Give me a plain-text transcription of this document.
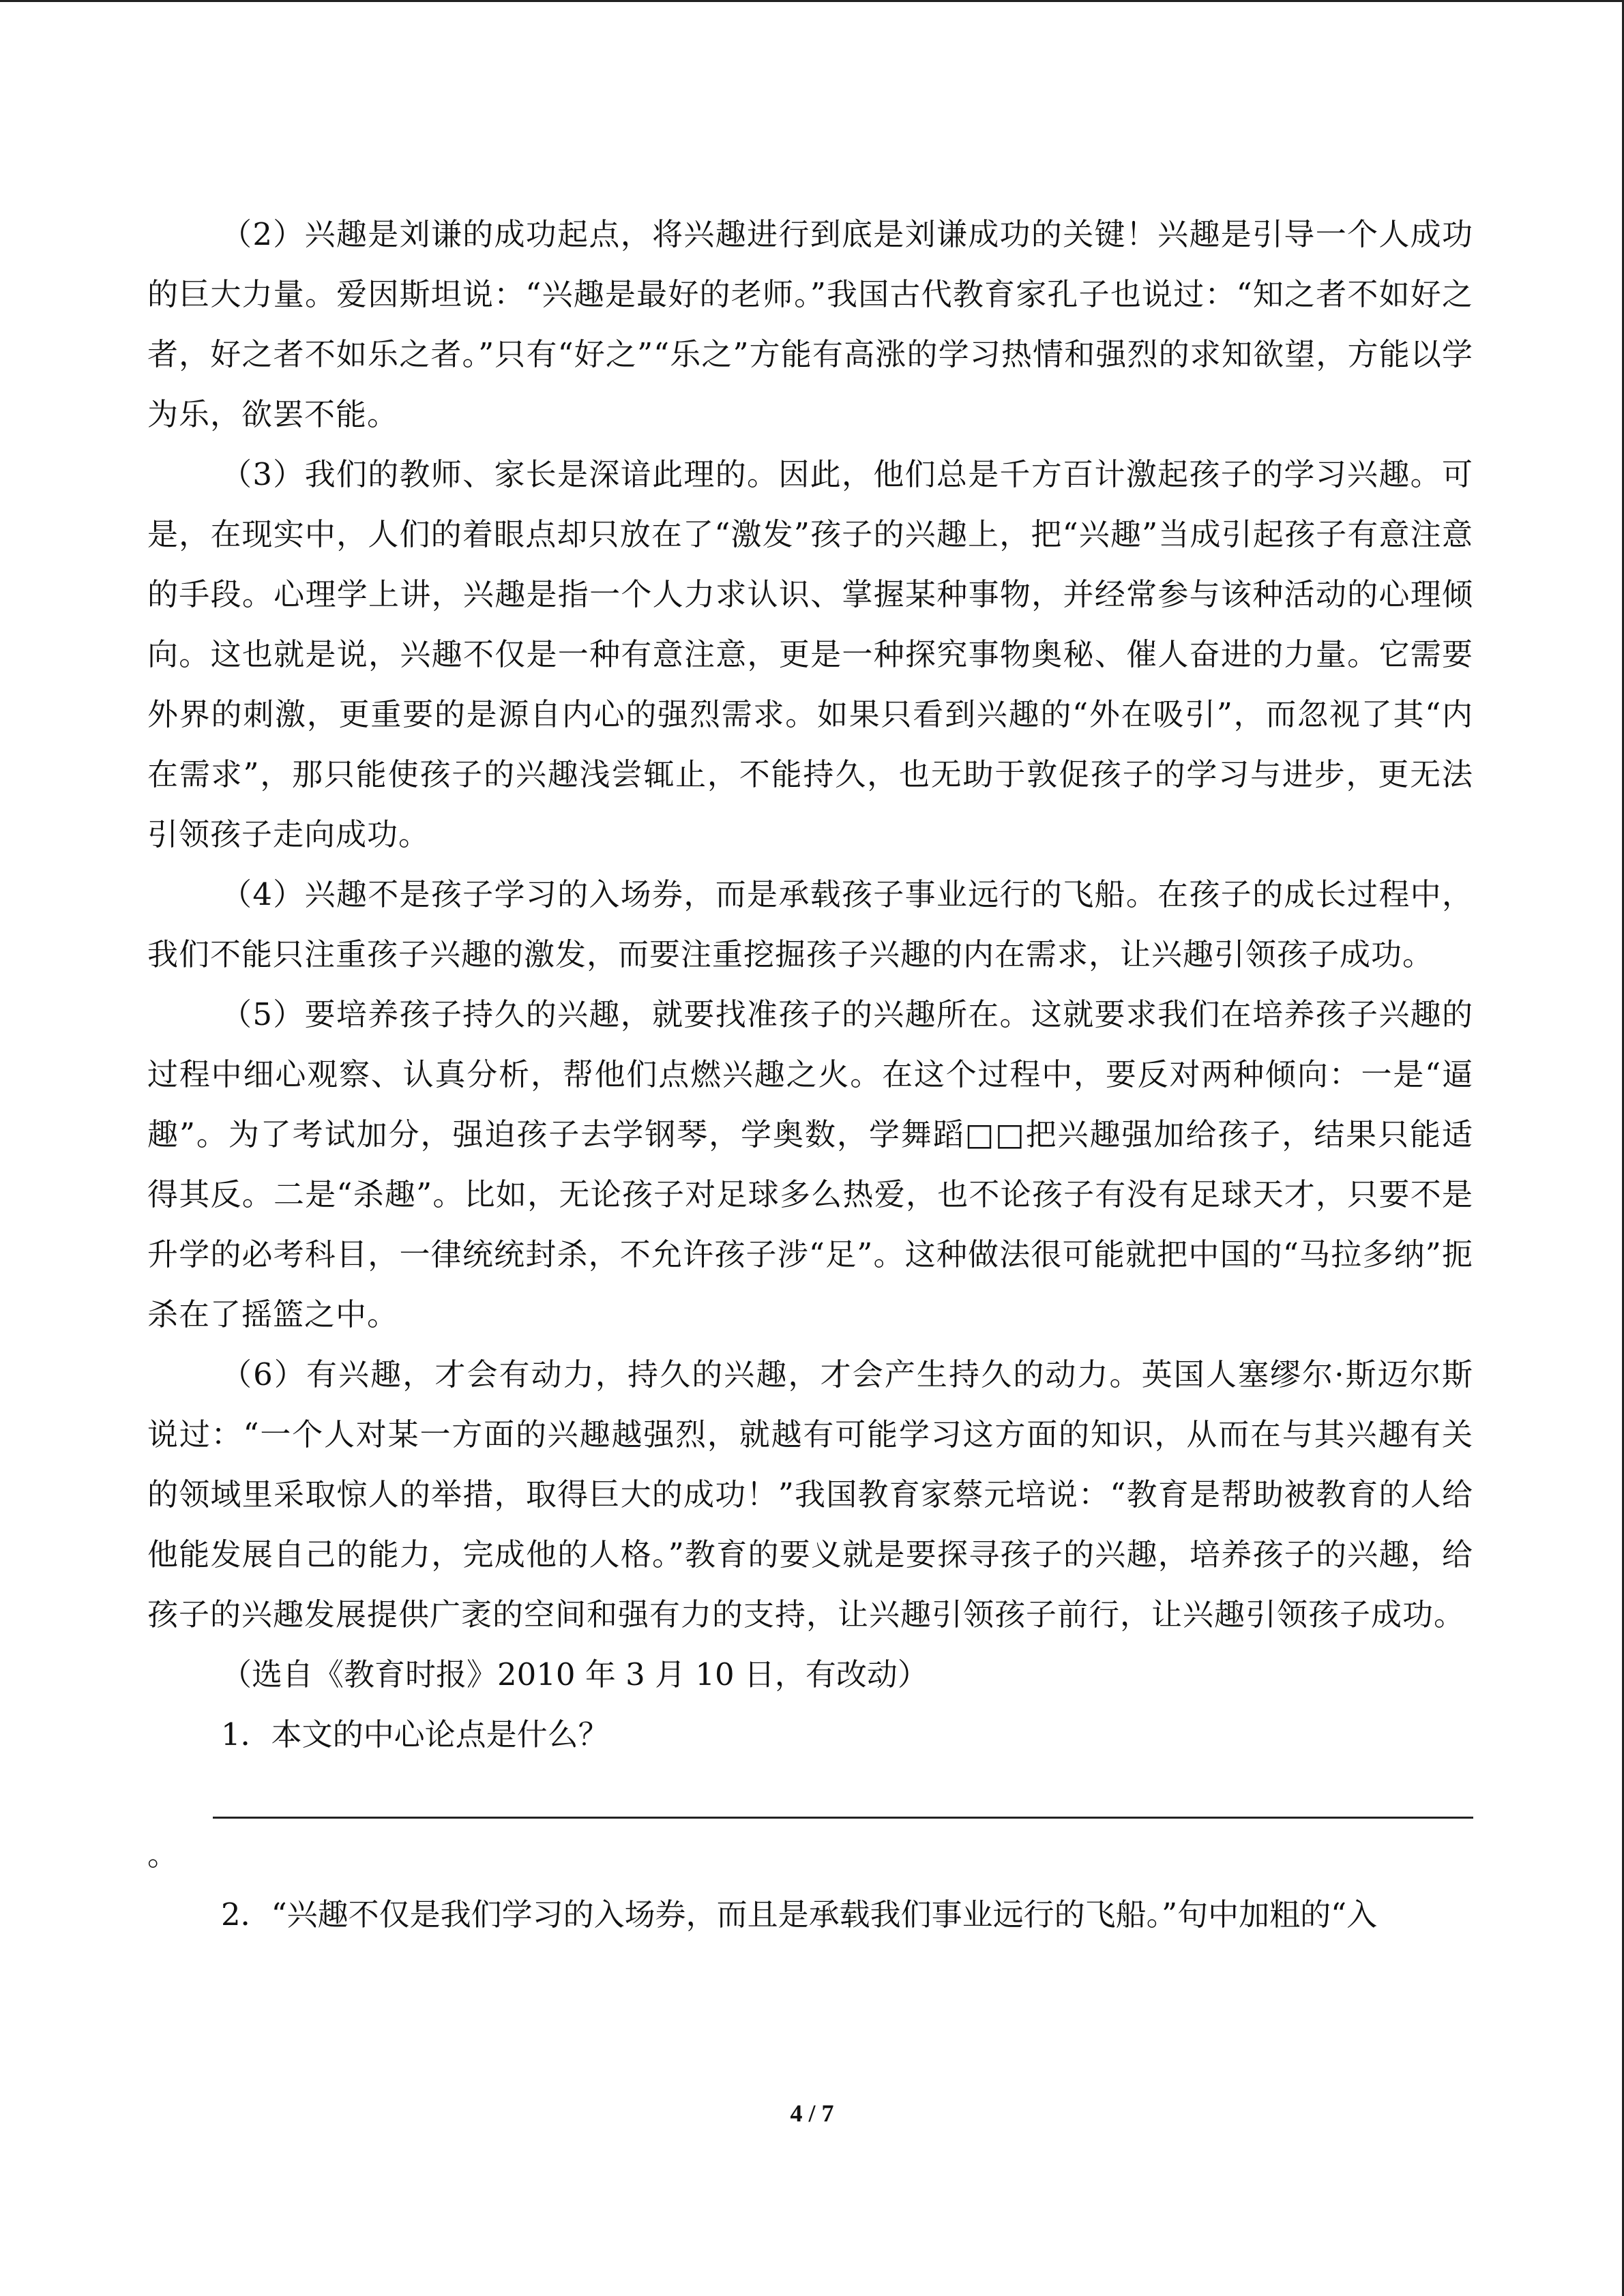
（2）兴趣是刘谦的成功起点，将兴趣进行到底是刘谦成功的关键！兴趣是引导一个人成功的巨大力量。爱因斯坦说：“兴趣是最好的老师。”我国古代教育家孔子也说过：“知之者不如好之者，好之者不如乐之者。”只有“好之”“乐之”方能有高涨的学习热情和强烈的求知欲望，方能以学为乐，欲罢不能。

（3）我们的教师、家长是深谙此理的。因此，他们总是千方百计激起孩子的学习兴趣。可是，在现实中，人们的着眼点却只放在了“激发”孩子的兴趣上，把“兴趣”当成引起孩子有意注意的手段。心理学上讲，兴趣是指一个人力求认识、掌握某种事物，并经常参与该种活动的心理倾向。这也就是说，兴趣不仅是一种有意注意，更是一种探究事物奥秘、催人奋进的力量。它需要外界的刺激，更重要的是源自内心的强烈需求。如果只看到兴趣的“外在吸引”，而忽视了其“内在需求”，那只能使孩子的兴趣浅尝辄止，不能持久，也无助于敦促孩子的学习与进步，更无法引领孩子走向成功。

（4）兴趣不是孩子学习的入场券，而是承载孩子事业远行的飞船。在孩子的成长过程中，我们不能只注重孩子兴趣的激发，而要注重挖掘孩子兴趣的内在需求，让兴趣引领孩子成功。

（5）要培养孩子持久的兴趣，就要找准孩子的兴趣所在。这就要求我们在培养孩子兴趣的过程中细心观察、认真分析，帮他们点燃兴趣之火。在这个过程中，要反对两种倾向：一是“逼趣”。为了考试加分，强迫孩子去学钢琴，学奥数，学舞蹈□□把兴趣强加给孩子，结果只能适得其反。二是“杀趣”。比如，无论孩子对足球多么热爱，也不论孩子有没有足球天才，只要不是升学的必考科目，一律统统封杀，不允许孩子涉“足”。这种做法很可能就把中国的“马拉多纳”扼杀在了摇篮之中。

（6）有兴趣，才会有动力，持久的兴趣，才会产生持久的动力。英国人塞缪尔·斯迈尔斯说过：“一个人对某一方面的兴趣越强烈，就越有可能学习这方面的知识，从而在与其兴趣有关的领域里采取惊人的举措，取得巨大的成功！”我国教育家蔡元培说：“教育是帮助被教育的人给他能发展自己的能力，完成他的人格。”教育的要义就是要探寻孩子的兴趣，培养孩子的兴趣，给孩子的兴趣发展提供广袤的空间和强有力的支持，让兴趣引领孩子前行，让兴趣引领孩子成功。

（选自《教育时报》2010 年 3 月 10 日，有改动）

1．本文的中心论点是什么？

。

2．“兴趣不仅是我们学习的入场券，而且是承载我们事业远行的飞船。”句中加粗的“入

4 / 7
